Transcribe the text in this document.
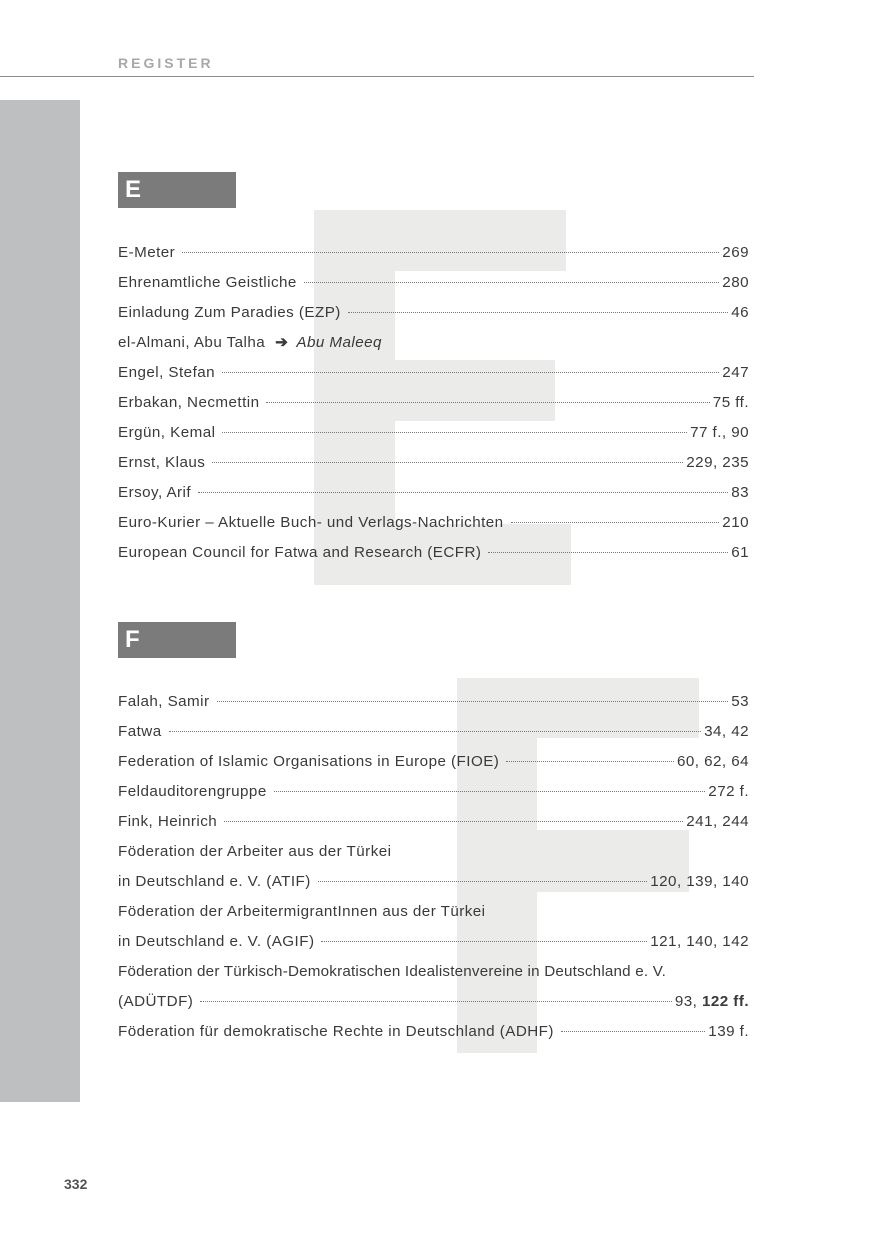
REGISTER
E
E-Meter	269
Ehrenamtliche Geistliche	280
Einladung Zum Paradies (EZP)	46
el-Almani, Abu Talha ➔ Abu Maleeq
Engel, Stefan	247
Erbakan, Necmettin	75 ff.
Ergün, Kemal	77 f., 90
Ernst, Klaus	229, 235
Ersoy, Arif	83
Euro-Kurier – Aktuelle Buch- und Verlags-Nachrichten	210
European Council for Fatwa and Research (ECFR)	61
F
Falah, Samir	53
Fatwa	34, 42
Federation of Islamic Organisations in Europe (FIOE)	60, 62, 64
Feldauditorengruppe	272 f.
Fink, Heinrich	241, 244
Föderation der Arbeiter aus der Türkei
in Deutschland e. V. (ATIF)	120, 139, 140
Föderation der ArbeitermigrantInnen aus der Türkei
in Deutschland e. V. (AGIF)	121, 140, 142
Föderation der Türkisch-Demokratischen Idealistenvereine in Deutschland e. V.
(ADÜTDF)	93, 122 ff.
Föderation für demokratische Rechte in Deutschland (ADHF)	139 f.
332
